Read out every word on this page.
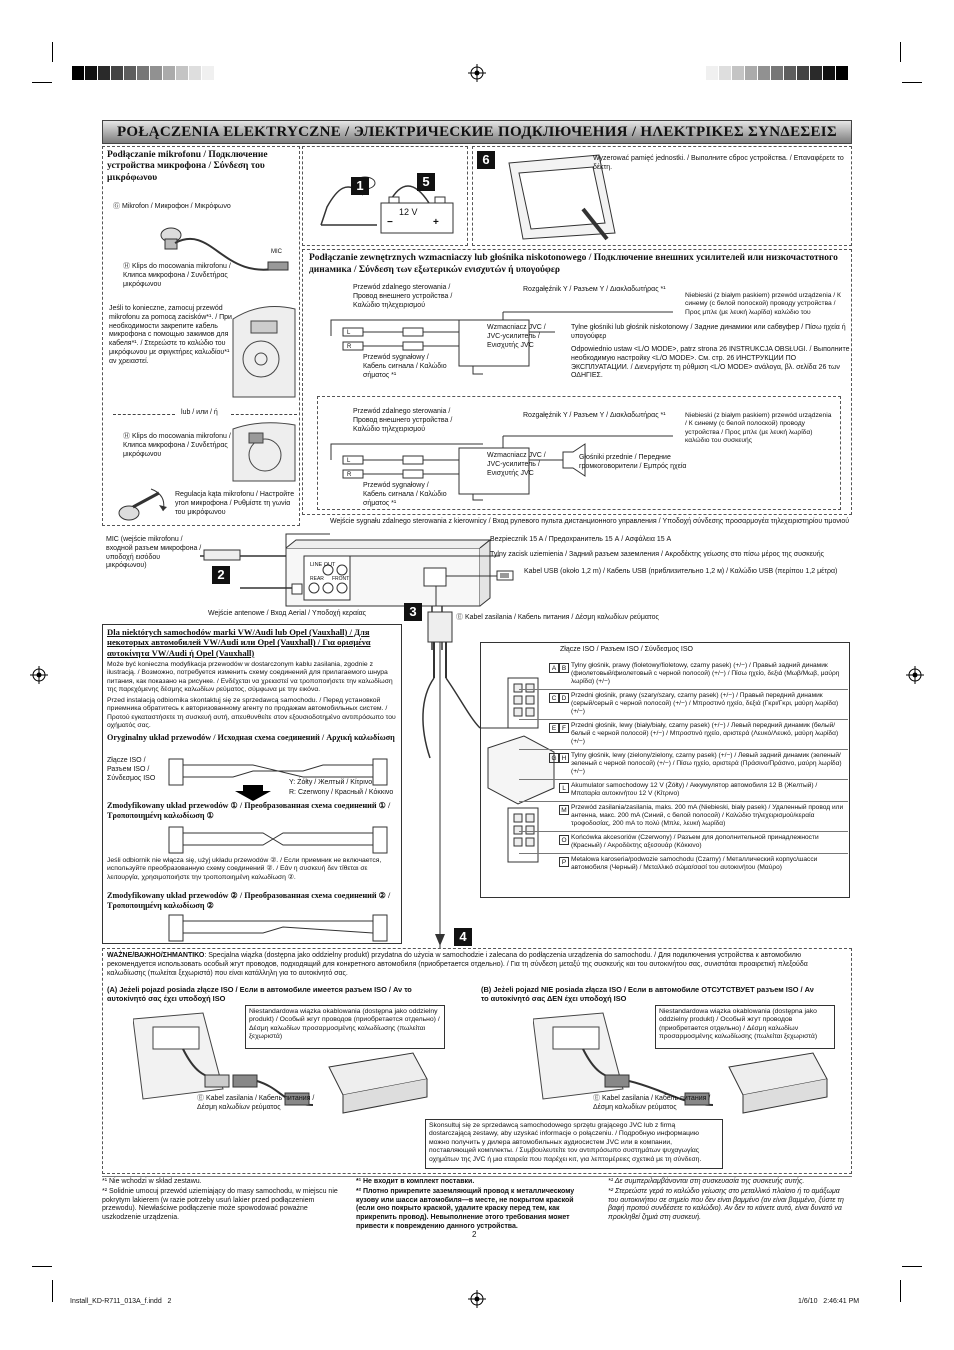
POŁĄCZENIA ELEKTRYCZNE / ЭЛЕКТРИЧЕСКИЕ ПОДКЛЮЧЕНИЯ / ΗΛΕΚΤΡΙΚΕΣ ΣΥΝΔΕΣΕΙΣ
Podłączanie mikrofonu / Подключение устройства микрофона / Σύνδεση του μικρόφωνου
Ⓖ Mikrofon / Микрофон / Μικρόφωνο
MIC
Ⓗ Klips do mocowania mikrofonu / Клипса микрофона / Συνδετήρας μικρόφωνου
Jeśli to konieczne, zamocuj przewód mikrofonu za pomocą zacisków*¹. / При необходимости закрепите кабель микрофона с помощью зажимов для кабеля*¹. / Στερεώστε το καλώδιο του μικρόφωνου με σφιγκτήρες καλωδίου*¹ αν χρειαστεί.
lub / или / ή
Ⓗ Klips do mocowania mikrofonu / Клипса микрофона / Συνδετήρας μικρόφωνου
Regulacja kąta mikrofonu / Настройте угол микрофона / Ρυθμίστε τη γωνία του μικρόφωνου
1	5
12 V
−	+
6	Wyzerować pamięć jednostki. / Выполните сброс устройства. / Επαναφέρετε το δέκτη.
Podłączanie zewnętrznych wzmacniaczy lub głośnika niskotonowego / Подключение внешних усилителей или низкочастотного динамика / Σύνδεση των εξωτερικών ενισχυτών ή υπογούφερ
Przewód zdalnego sterowania / Провод внешнего устройства / Καλώδιο τηλεχειρισμού
Rozgałęźnik Y / Разъем Y / Διακλαδωτήρας *¹
Niebieski (z białym paskiem) przewód urządzenia / К синему (с белой полоской) проводу устройства / Προς μπλε (με λευκή λωρίδα) καλώδιο του
L
R
Wzmacniacz JVC / JVC-усилитель / Ενισχυτής JVC
Przewód sygnałowy / Кабель сигнала / Καλώδιο σήματος *¹
Tylne głośniki lub głośnik niskotonowy / Задние динамики или сабвуфер / Πίσω ηχεία ή υπογούφερ
Odpowiednio ustaw <L/O MODE>, patrz strona 26 INSTRUKCJA OBSŁUGI. / Выполните необходимую настройку <L/O MODE>. См. стр. 26 ИНСТРУКЦИИ ПО ЭКСПЛУАТАЦИИ. / Διενεργήστε τη ρύθμιση <L/O MODE> ανάλογα, βλ. σελίδα 26 των ΟΔΗΓΙΕΣ.
Przewód zdalnego sterowania / Провод внешнего устройства / Καλώδιο τηλεχειρισμού
Rozgałęźnik Y / Разъем Y / Διακλαδωτήρας *¹	Niebieski (z białym paskiem) przewód urządzenia / К синему (с белой полоской) проводу устройства / Προς μπλε (με λευκή λωρίδα) καλώδιο του συσκευής
L
R
Wzmacniacz JVC / JVC-усилитель / Ενισχυτής JVC
Przewód sygnałowy / Кабель сигнала / Καλώδιο σήματος *¹
Głośniki przednie / Передние громкоговорители / Εμπρός ηχεία
Wejście sygnału zdalnego sterowania z kierownicy / Вход рулевого пульта дистанционного управления / Υποδοχή σύνδεσης προσαρμογέα τηλεχειριστηρίου τιμονιού
LINE OUT
REAR FRONT
MIC (wejście mikrofonu / входной разъем микрофона / υποδοχή εισόδου μικρόφωνου)
2
Wejście antenowe / Вход Aerial / Υποδοχή κεραίας
Bezpiecznik 15 A / Предохранитель 15 А / Ασφάλεια 15 A
Tylny zacisk uziemienia / Задний разъем заземления / Ακροδέκτης γείωσης στο πίσω μέρος της συσκευής
Kabel USB (około 1,2 m) / Кабель USB (приблизительно 1,2 м) / Καλώδιο USB (περίπου 1,2 μέτρα)
3	Ⓔ Kabel zasilania / Кабель питания / Δέσμη καλωδίων ρεύματος
Dla niektórych samochodów marki VW/Audi lub Opel (Vauxhall) / Для некоторых автомобилей VW/Audi или Opel (Vauxhall) / Για ορισμένα αυτοκίνητα VW/Audi ή Opel (Vauxhall)
Może być konieczna modyfikacja przewodów w dostarczonym kablu zasilania, zgodnie z ilustracją. / Возможно, потребуется изменить схему соединений для прилагаемого шнура питания, как показано на рисунке. / Ενδέχεται να χρειαστεί να τροποποιήσετε την καλωδίωση της παρεχόμενης δέσμης καλωδίων ρεύματος, σύμφωνα με την εικόνα.
Przed instalacją odbiornika skontaktuj się ze sprzedawcą samochodu. / Перед установкой приемника обратитесь к авторизованному агенту по продажам автомобильных систем. / Προτού εγκαταστήσετε τη συσκευή αυτή, απευθυνθείτε στον εξουσιοδοτημένο αντιπρόσωπο του οχήματός σας.
Oryginalny układ przewodów / Исходная схема соединений / Αρχική καλωδίωση
Złącze ISO / Разъем ISO / Σύνδεσμος ISO
Y: Żółty / Желтый / Κίτρινο
R: Czerwony / Красный / Κόκκινο
Zmodyfikowany układ przewodów ① / Преобразованная схема соединений ① / Τροποποιημένη καλωδίωση ①
Jeśli odbiornik nie włącza się, użyj układu przewodów ②. / Если приемник не включается, используйте преобразованную схему соединений ②. / Εάν η συσκευή δεν τίθεται σε λειτουργία, χρησιμοποιήστε την τροποποιημένη καλωδίωση ②.
Zmodyfikowany układ przewodów ② / Преобразованная схема соединений ② / Τροποποιημένη καλωδίωση ②
Złącze ISO / Разъем ISO / Σύνδεσμος ISO
A B Tylny głośnik, prawy (fioletowy/fioletowy, czarny pasek) (+/−) / Правый задний динамик (фиолетовый/фиолетовый с черной полосой) (+/−) / Πίσω ηχείο, δεξιά (Μωβ/Μωβ, μαύρη λωρίδα) (+/−)
C D Przedni głośnik, prawy (szary/szary, czarny pasek) (+/−) / Правый передний динамик (серый/серый с черной полосой) (+/−) / Μπροστινό ηχείο, δεξιά (Γκρι/Γκρι, μαύρη λωρίδα) (+/−)
E F Przedni głośnik, lewy (biały/biały, czarny pasek) (+/−) / Левый передний динамик (белый/белый с черной полосой) (+/−) / Μπροστινό ηχείο, αριστερά (Λευκό/Λευκό, μαύρη λωρίδα) (+/−)
G H Tylny głośnik, lewy (zielony/zielony, czarny pasek) (+/−) / Левый задний динамик (зеленый/зеленый с черной полосой) (+/−) / Πίσω ηχείο, αριστερά (Πράσινο/Πράσινο, μαύρη λωρίδα) (+/−)
L Akumulator samochodowy 12 V (Żółty) / Аккумулятор автомобиля 12 В (Желтый) / Μπαταρία αυτοκινήτου 12 V (Κίτρινο)
M Przewód zasilania/zasilania, maks. 200 mA (Niebieski, biały pasek) / Удаленный провод или антенна, макс. 200 mA (Синий, с белой полосой) / Καλώδιο τηλεχειρισμού/κεραία τροφοδοσίας, 200 mA το πολύ (Μπλε, λευκή λωρίδα)
O Końcówka akcesoriów (Czerwony) / Разъем для дополнительной принадлежности (Красный) / Ακροδέκτης αξεσουάρ (Κόκκινο)
P Metalowa karoseria/podwozie samochodu (Czarny) / Металлический корпус/шасси автомобиля (Черный) / Μεταλλικό σώμα/σασί του αυτοκινήτου (Μαύρο)
4
WAŻNE/ВАЖНО/ΣΗΜΑΝΤΙΚΟ: Specjalna wiązka (dostępna jako oddzielny produkt) przydatna do użycia w samochodzie i zalecana do podłączenia urządzenia do samochodu. / Для подключения устройства к автомобилю рекомендуется использовать особый жгут проводов, подходящий для конкретного автомобиля (приобретается отдельно). / Για τη σύνδεση μεταξύ της συσκευής και του αυτοκινήτου σας, συνιστάται προαιρετική πλεξούδα καλωδίωσης (πωλείται ξεχωριστά) που είναι κατάλληλη για το αυτοκίνητό σας.
(A) Jeżeli pojazd posiada złącze ISO / Если в автомобиле имеется разъем ISO / Αν το αυτοκίνητό σας έχει υποδοχή ISO
(B) Jeżeli pojazd NIE posiada złącza ISO / Если в автомобиле ОТСУТСТВУЕТ разъем ISO / Αν το αυτοκίνητό σας ΔΕΝ έχει υποδοχή ISO
Niestandardowa wiązka okablowania (dostępna jako oddzielny produkt) / Особый жгут проводов (приобретается отдельно) / Δέσμη καλωδίων προσαρμοσμένης καλωδίωσης (πωλείται ξεχωριστά)
Ⓔ Kabel zasilania / Кабель питания / Δέσμη καλωδίων ρεύματος
Niestandardowa wiązka okablowania (dostępna jako oddzielny produkt) / Особый жгут проводов (приобретается отдельно) / Δέσμη καλωδίων προσαρμοσμένης καλωδίωσης (πωλείται ξεχωριστά)
Ⓔ Kabel zasilania / Кабель питания / Δέσμη καλωδίων ρεύματος
Skonsultuj się ze sprzedawcą samochodowego sprzętu grającego JVC lub z firmą dostarczającą zestawy, aby uzyskać informacje o połączeniu. / Подробную информацию можно получить у дилера автомобильных аудиосистем JVC или в компании, поставляющей комплекты. / Συμβουλευτείτε τον αντιπρόσωπο συστημάτων ψυχαγωγίας οχημάτων της JVC ή μια εταιρεία που παρέχει κιτ, για λεπτομέρειες σχετικά με τη σύνδεση.

*¹ Nie wchodzi w skład zestawu.

*² Solidnie umocuj przewód uziemiający do masy samochodu, w miejscu nie pokrytym lakierem (w razie potrzeby usuń lakier przed podłączeniem przewodu). Niewłaściwe podłączenie może spowodować poważne uszkodzenie urządzenia.

*¹ Не входит в комплект поставки.

*² Плотно прикрепите заземляющий провод к металлическому кузову или шасси автомобиля—в месте, не покрытом краской (если оно покрыто краской, удалите краску перед тем, как прикрепить провод). Невыполнение этого требования может привести к повреждению данного устройства.

*¹ Δε συμπεριλαμβάνονται στη συσκευασία της συσκευής αυτής.

*² Στερεώστε γερά το καλώδιο γείωσης στο μεταλλικό πλαίσιο ή το αμάξωμα του αυτοκινήτου σε σημείο που δεν είναι βαμμένο (αν είναι βαμμένο, ξύστε τη βαφή προτού συνδέσετε το καλώδιο). Αν δεν το κάνετε αυτό, είναι δυνατό να προκληθεί ζημιά στη συσκευή.

2
Install_KD-R711_013A_f.indd   2	1/6/10   2:46:41 PM
